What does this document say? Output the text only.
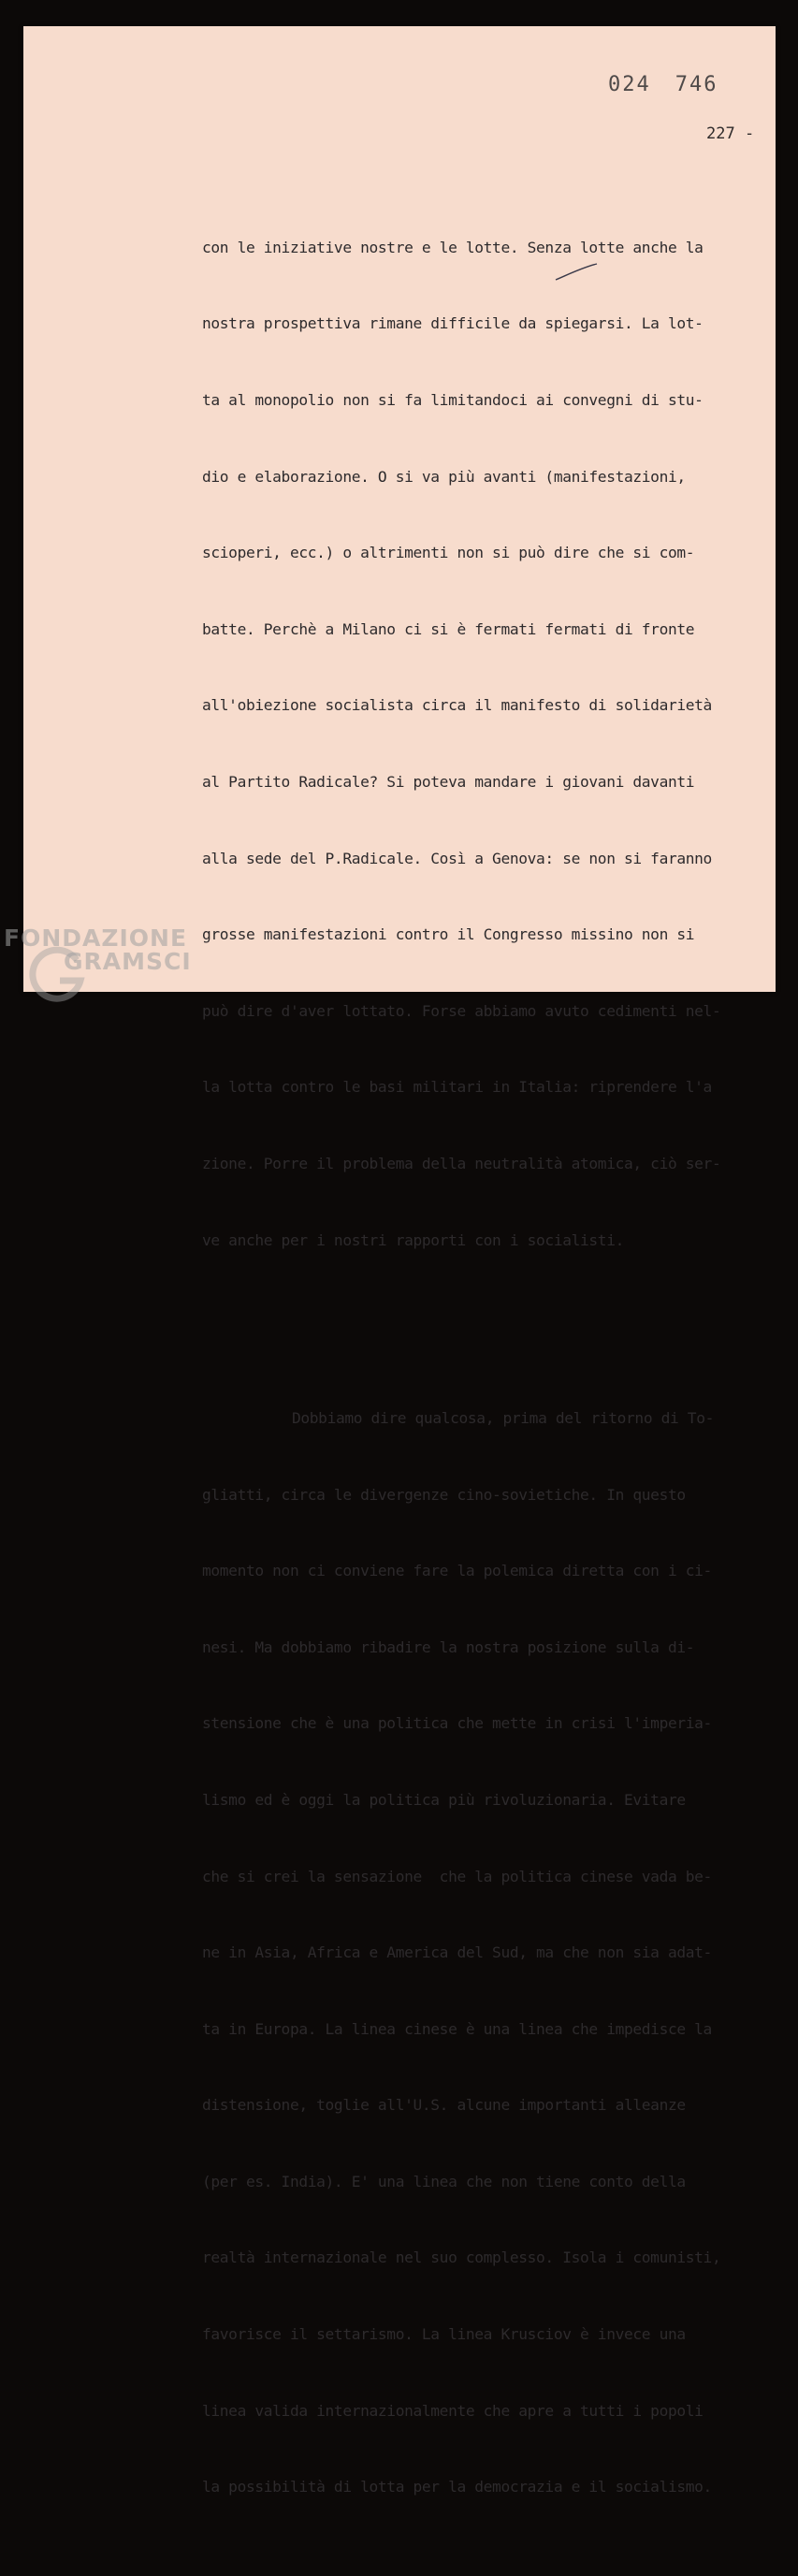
024 746
227 -

con le iniziative nostre e le lotte. Senza lotte anche la

nostra prospettiva rimane difficile da spiegarsi. La lot-

ta al monopolio non si fa limitandoci ai convegni di stu-

dio e elaborazione. O si va più avanti (manifestazioni,

scioperi, ecc.) o altrimenti non si può dire che si com-

batte. Perchè a Milano ci si è fermati fermati di fronte

all'obiezione socialista circa il manifesto di solidarietà

al Partito Radicale? Si poteva mandare i giovani davanti

alla sede del P.Radicale. Così a Genova: se non si faranno

grosse manifestazioni contro il Congresso missino non si

può dire d'aver lottato. Forse abbiamo avuto cedimenti nel-

la lotta contro le basi militari in Italia: riprendere l'a

zione. Porre il problema della neutralità atomica, ciò ser-

ve anche per i nostri rapporti con i socialisti.

Dobbiamo dire qualcosa, prima del ritorno di To-

gliatti, circa le divergenze cino-sovietiche. In questo

momento non ci conviene fare la polemica diretta con i ci-

nesi. Ma dobbiamo ribadire la nostra posizione sulla di-

stensione che è una politica che mette in crisi l'imperia-

lismo ed è oggi la politica più rivoluzionaria. Evitare

che si crei la sensazione  che la politica cinese vada be-

ne in Asia, Africa e America del Sud, ma che non sia adat-

ta in Europa. La linea cinese è una linea che impedisce la

distensione, toglie all'U.S. alcune importanti alleanze

(per es. India). E' una linea che non tiene conto della

realtà internazionale nel suo complesso. Isola i comunisti,

favorisce il settarismo. La linea Krusciov è invece una

linea valida internazionalmente che apre a tutti i popoli

la possibilità di lotta per la democrazia e il socialismo.

FONDAZIONE
GRAMSCI
